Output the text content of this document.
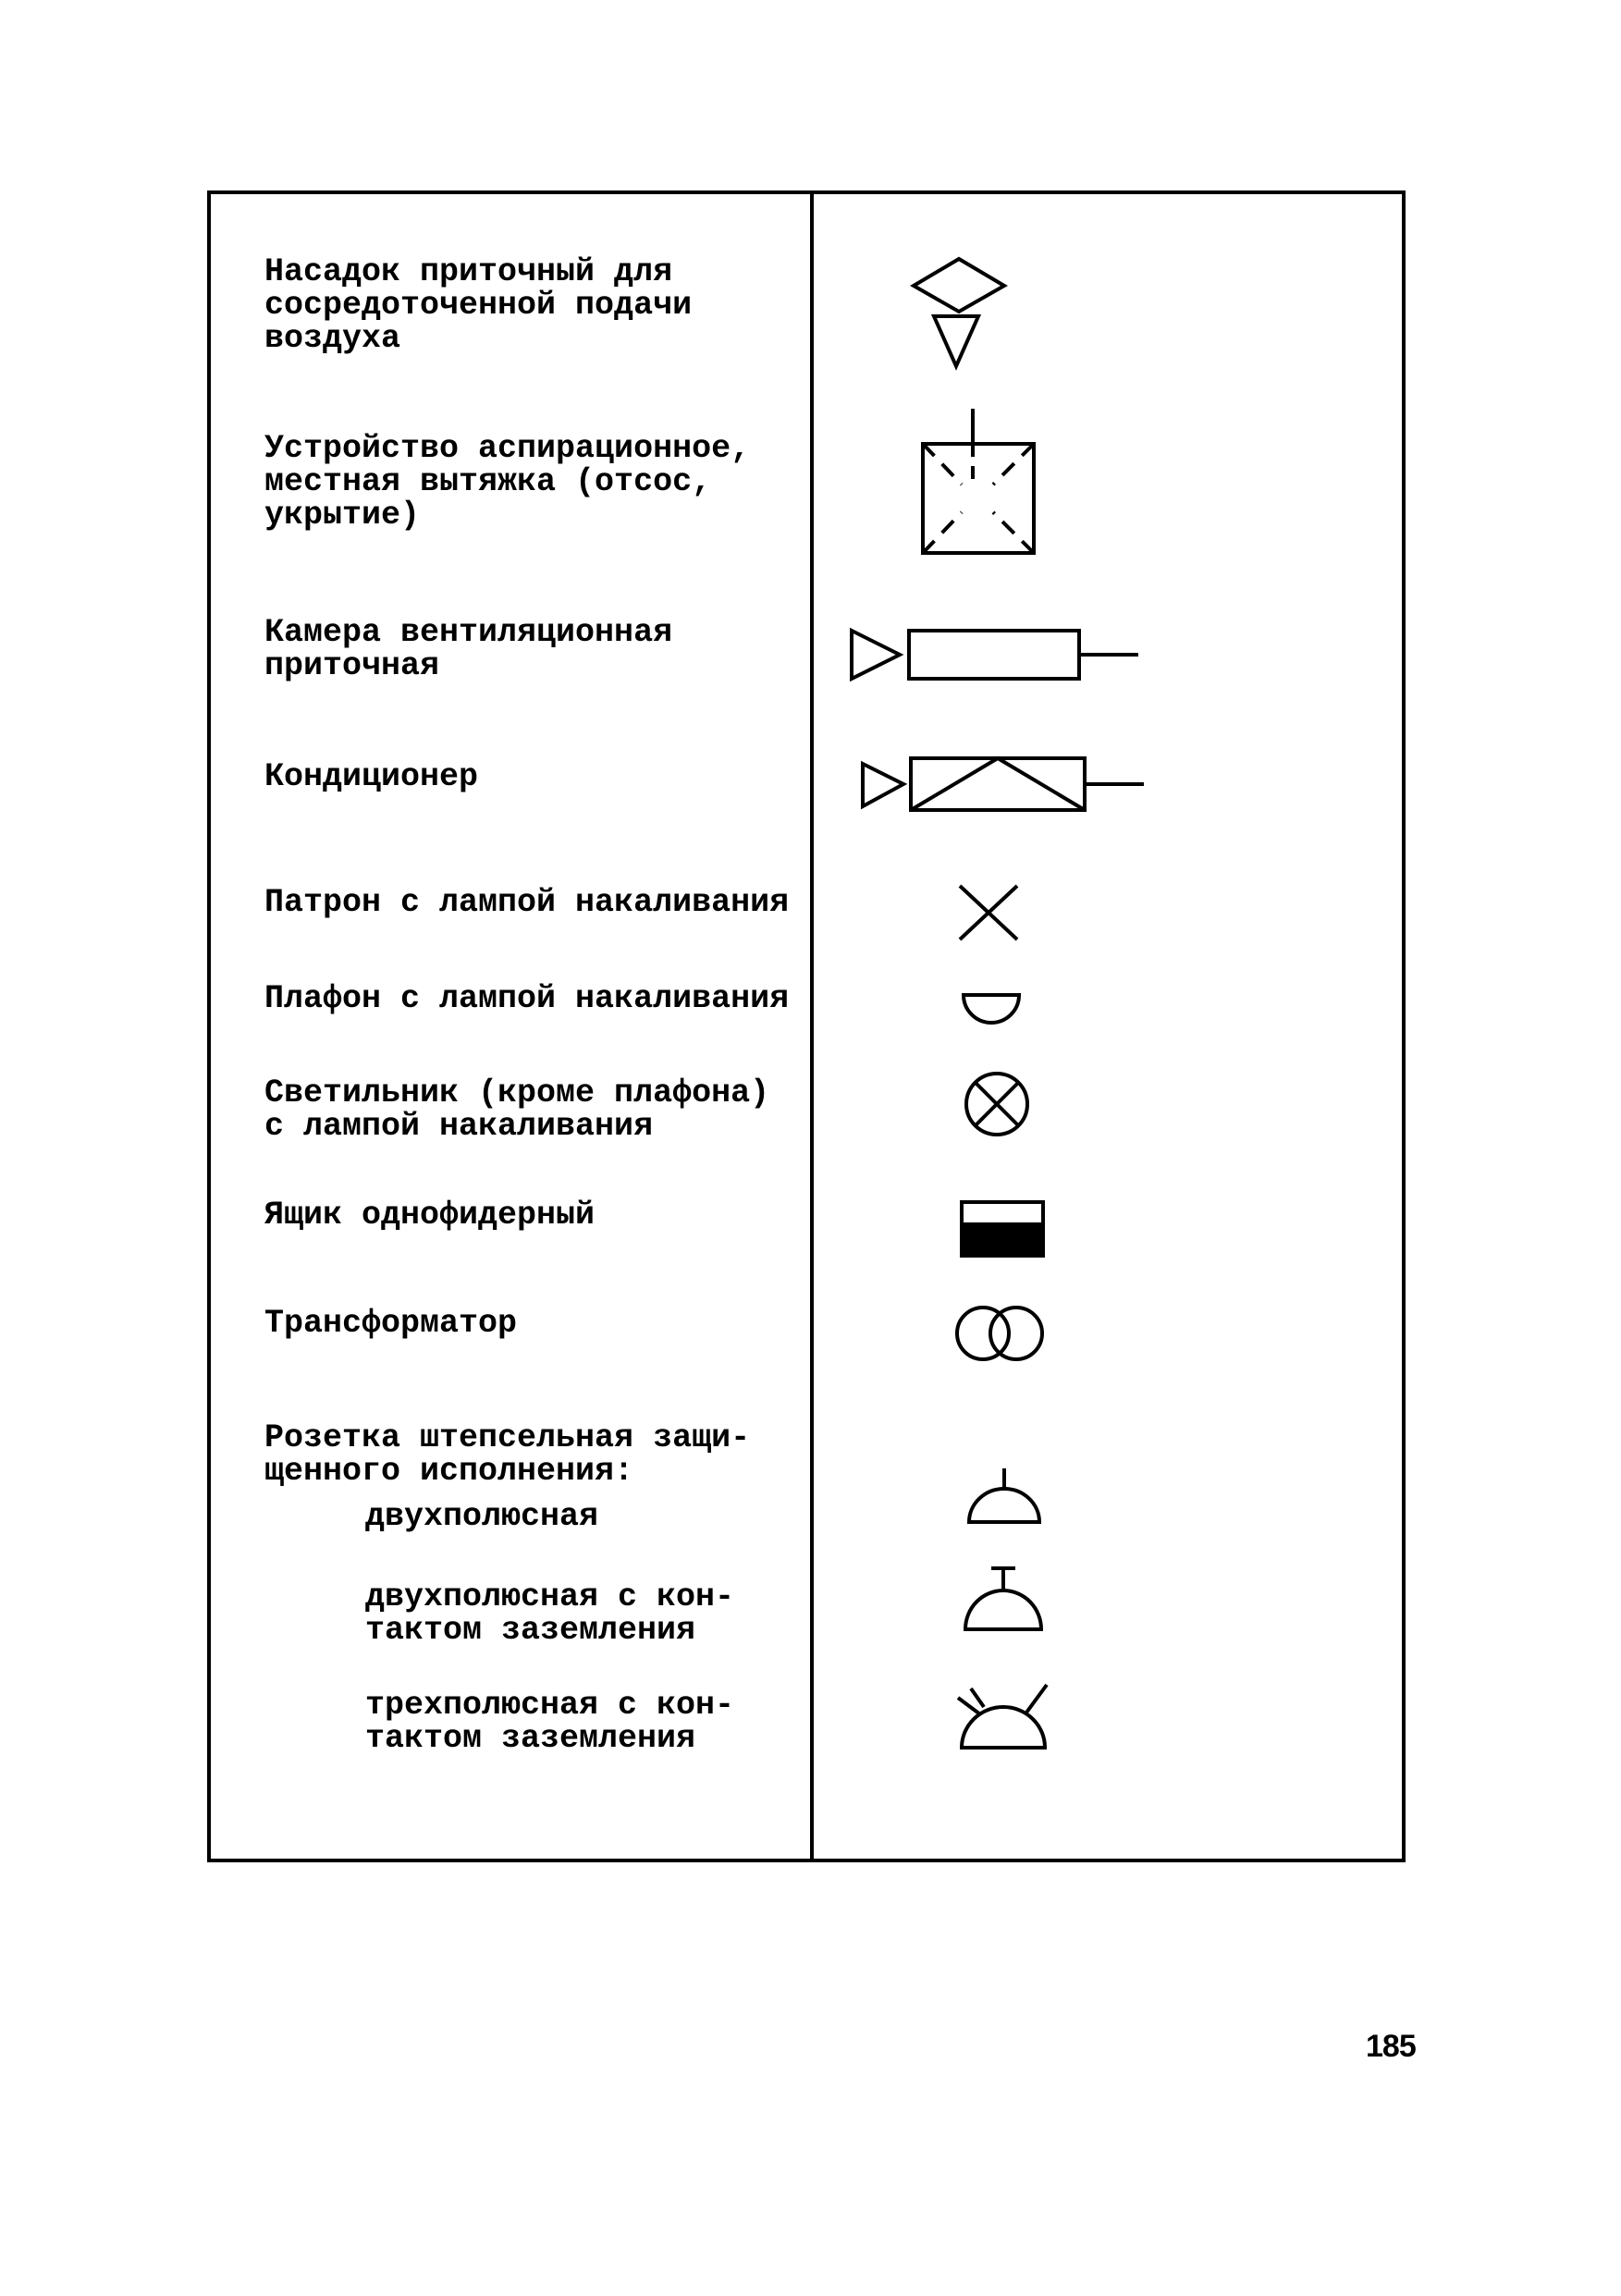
Насадок приточный для
сосредоточенной подачи
воздуха

Устройство аспирационное,
местная вытяжка (отсос,
укрытие)

Камера вентиляционная
приточная

Кондиционер

Патрон с лампой накаливания

Плафон с лампой накаливания

Светильник (кроме плафона)
с лампой накаливания

Ящик однофидерный

Трансформатор

Розетка штепсельная защи-
щенного исполнения:

двухполюсная

двухполюсная с кон-
тактом заземления

трехполюсная с кон-
тактом заземления

185
